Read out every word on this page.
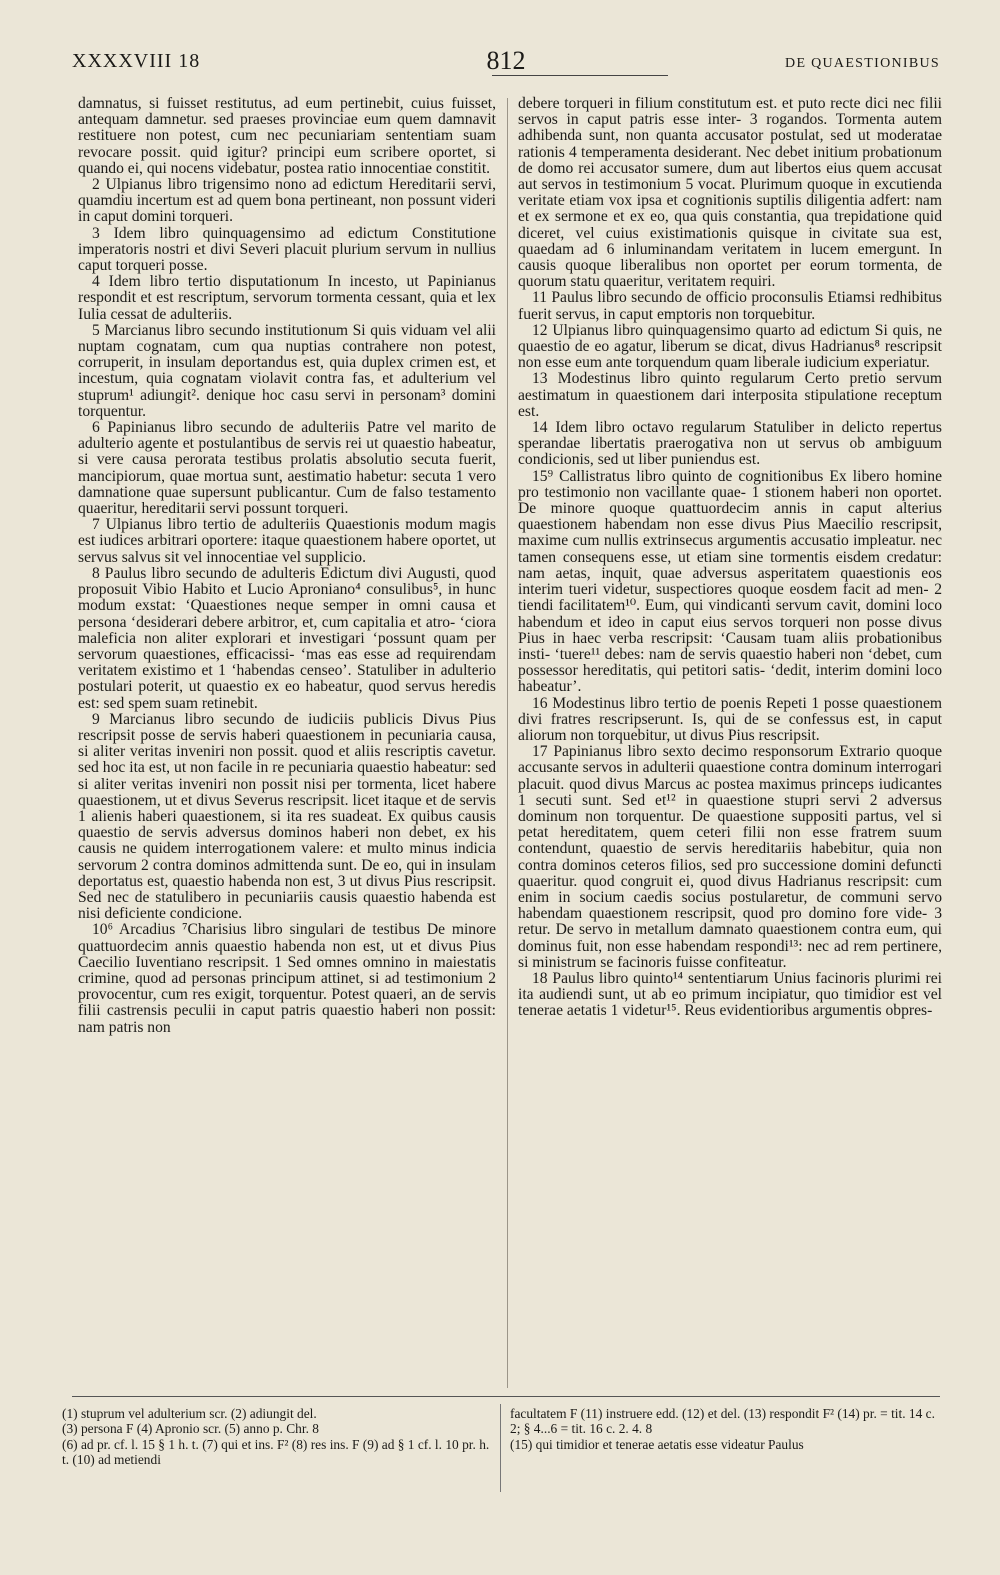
XXXXVIII 18	812	DE QUAESTIONIBUS

damnatus, si fuisset restitutus, ad eum pertinebit, cuius fuisset, antequam damnetur. sed praeses provinciae eum quem damnavit restituere non potest, cum nec pecuniariam sententiam suam revocare possit. quid igitur? principi eum scribere oportet, si quando ei, qui nocens videbatur, postea ratio innocentiae constitit.

2 Ulpianus libro trigensimo nono ad edictum Hereditarii servi, quamdiu incertum est ad quem bona pertineant, non possunt videri in caput domini torqueri.

3 Idem libro quinquagensimo ad edictum Constitutione imperatoris nostri et divi Severi placuit plurium servum in nullius caput torqueri posse.

4 Idem libro tertio disputationum In incesto, ut Papinianus respondit et est rescriptum, servorum tormenta cessant, quia et lex Iulia cessat de adulteriis.

5 Marcianus libro secundo institutionum Si quis viduam vel alii nuptam cognatam, cum qua nuptias contrahere non potest, corruperit, in insulam deportandus est, quia duplex crimen est, et incestum, quia cognatam violavit contra fas, et adulterium vel stuprum¹ adiungit². denique hoc casu servi in personam³ domini torquentur.

6 Papinianus libro secundo de adulteriis Patre vel marito de adulterio agente et postulantibus de servis rei ut quaestio habeatur, si vere causa perorata testibus prolatis absolutio secuta fuerit, mancipiorum, quae mortua sunt, aestimatio habetur: secuta 1 vero damnatione quae supersunt publicantur. Cum de falso testamento quaeritur, hereditarii servi possunt torqueri.

7 Ulpianus libro tertio de adulteriis Quaestionis modum magis est iudices arbitrari oportere: itaque quaestionem habere oportet, ut servus salvus sit vel innocentiae vel supplicio.

8 Paulus libro secundo de adulteris Edictum divi Augusti, quod proposuit Vibio Habito et Lucio Aproniano⁴ consulibus⁵, in hunc modum exstat: ‘Quaestiones neque semper in omni causa et persona ‘desiderari debere arbitror, et, cum capitalia et atro- ‘ciora maleficia non aliter explorari et investigari ‘possunt quam per servorum quaestiones, efficacissi- ‘mas eas esse ad requirendam veritatem existimo et 1 ‘habendas censeo’. Statuliber in adulterio postulari poterit, ut quaestio ex eo habeatur, quod servus heredis est: sed spem suam retinebit.

9 Marcianus libro secundo de iudiciis publicis Divus Pius rescripsit posse de servis haberi quaestionem in pecuniaria causa, si aliter veritas inveniri non possit. quod et aliis rescriptis cavetur. sed hoc ita est, ut non facile in re pecuniaria quaestio habeatur: sed si aliter veritas inveniri non possit nisi per tormenta, licet habere quaestionem, ut et divus Severus rescripsit. licet itaque et de servis 1 alienis haberi quaestionem, si ita res suadeat. Ex quibus causis quaestio de servis adversus dominos haberi non debet, ex his causis ne quidem interrogationem valere: et multo minus indicia servorum 2 contra dominos admittenda sunt. De eo, qui in insulam deportatus est, quaestio habenda non est, 3 ut divus Pius rescripsit. Sed nec de statulibero in pecuniariis causis quaestio habenda est nisi deficiente condicione.

10⁶ Arcadius ⁷Charisius libro singulari de testibus De minore quattuordecim annis quaestio habenda non est, ut et divus Pius Caecilio Iuventiano rescripsit. 1 Sed omnes omnino in maiestatis crimine, quod ad personas principum attinet, si ad testimonium 2 provocentur, cum res exigit, torquentur. Potest quaeri, an de servis filii castrensis peculii in caput patris quaestio haberi non possit: nam patris non

debere torqueri in filium constitutum est. et puto recte dici nec filii servos in caput patris esse inter- 3 rogandos. Tormenta autem adhibenda sunt, non quanta accusator postulat, sed ut moderatae rationis 4 temperamenta desiderant. Nec debet initium probationum de domo rei accusator sumere, dum aut libertos eius quem accusat aut servos in testimonium 5 vocat. Plurimum quoque in excutienda veritate etiam vox ipsa et cognitionis suptilis diligentia adfert: nam et ex sermone et ex eo, qua quis constantia, qua trepidatione quid diceret, vel cuius existimationis quisque in civitate sua est, quaedam ad 6 inluminandam veritatem in lucem emergunt. In causis quoque liberalibus non oportet per eorum tormenta, de quorum statu quaeritur, veritatem requiri.

11 Paulus libro secundo de officio proconsulis Etiamsi redhibitus fuerit servus, in caput emptoris non torquebitur.

12 Ulpianus libro quinquagensimo quarto ad edictum Si quis, ne quaestio de eo agatur, liberum se dicat, divus Hadrianus⁸ rescripsit non esse eum ante torquendum quam liberale iudicium experiatur.

13 Modestinus libro quinto regularum Certo pretio servum aestimatum in quaestionem dari interposita stipulatione receptum est.

14 Idem libro octavo regularum Statuliber in delicto repertus sperandae libertatis praerogativa non ut servus ob ambiguum condicionis, sed ut liber puniendus est.

15⁹ Callistratus libro quinto de cognitionibus Ex libero homine pro testimonio non vacillante quae- 1 stionem haberi non oportet. De minore quoque quattuordecim annis in caput alterius quaestionem habendam non esse divus Pius Maecilio rescripsit, maxime cum nullis extrinsecus argumentis accusatio impleatur. nec tamen consequens esse, ut etiam sine tormentis eisdem credatur: nam aetas, inquit, quae adversus asperitatem quaestionis eos interim tueri videtur, suspectiores quoque eosdem facit ad men- 2 tiendi facilitatem¹⁰. Eum, qui vindicanti servum cavit, domini loco habendum et ideo in caput eius servos torqueri non posse divus Pius in haec verba rescripsit: ‘Causam tuam aliis probationibus insti- ‘tuere¹¹ debes: nam de servis quaestio haberi non ‘debet, cum possessor hereditatis, qui petitori satis- ‘dedit, interim domini loco habeatur’.

16 Modestinus libro tertio de poenis Repeti 1 posse quaestionem divi fratres rescripserunt. Is, qui de se confessus est, in caput aliorum non torquebitur, ut divus Pius rescripsit.

17 Papinianus libro sexto decimo responsorum Extrario quoque accusante servos in adulterii quaestione contra dominum interrogari placuit. quod divus Marcus ac postea maximus princeps iudicantes 1 secuti sunt. Sed et¹² in quaestione stupri servi 2 adversus dominum non torquentur. De quaestione suppositi partus, vel si petat hereditatem, quem ceteri filii non esse fratrem suum contendunt, quaestio de servis hereditariis habebitur, quia non contra dominos ceteros filios, sed pro successione domini defuncti quaeritur. quod congruit ei, quod divus Hadrianus rescripsit: cum enim in socium caedis socius postularetur, de communi servo habendam quaestionem rescripsit, quod pro domino fore vide- 3 retur. De servo in metallum damnato quaestionem contra eum, qui dominus fuit, non esse habendam respondi¹³: nec ad rem pertinere, si ministrum se facinoris fuisse confiteatur.

18 Paulus libro quinto¹⁴ sententiarum Unius facinoris plurimi rei ita audiendi sunt, ut ab eo primum incipiatur, quo timidior est vel tenerae aetatis 1 videtur¹⁵. Reus evidentioribus argumentis obpres-

(1) stuprum vel adulterium scr. (2) adiungit del.

(3) persona F (4) Apronio scr. (5) anno p. Chr. 8

(6) ad pr. cf. l. 15 § 1 h. t. (7) qui et ins. F² (8) res ins. F (9) ad § 1 cf. l. 10 pr. h. t. (10) ad metiendi

facultatem F (11) instruere edd. (12) et del. (13) respondit F² (14) pr. = tit. 14 c. 2; § 4...6 = tit. 16 c. 2. 4. 8

(15) qui timidior et tenerae aetatis esse videatur Paulus
